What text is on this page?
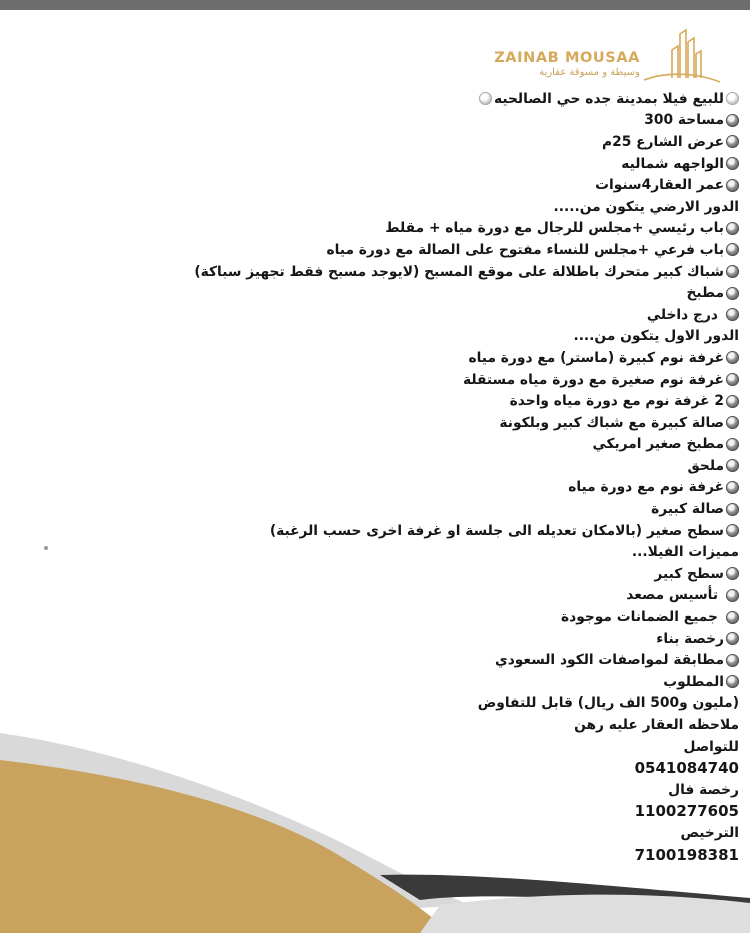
ZAINAB MOUSAA
وسيطة و مسوقة عقارية
عقار
Aqar.fm
للبيع فيلا بمدينة جده حي الصالحيه
مساحة 300
عرض الشارع 25م
الواجهه شماليه
عمر العقار4سنوات
الدور الارضي يتكون من.....
باب رئيسي +مجلس للرجال مع دورة مياه + مقلط
باب فرعي +مجلس للنساء مفتوح على الصالة مع دورة مياه
شباك كبير متحرك باطلالة على موقع المسبح (لايوجد مسبح فقط تجهيز سباكة)
مطبخ
درج داخلي
الدور الاول يتكون من....
غرفة نوم كبيرة (ماستر) مع دورة مياه
غرفة نوم صغيرة مع دورة مياه مستقلة
2 غرفة نوم مع دورة مياه واحدة
صالة كبيرة مع شباك كبير وبلكونة
مطبخ صغير امريكي
ملحق
غرفة نوم مع دورة مياه
صالة كبيرة
سطح صغير (بالامكان تعديله الى جلسة او غرفة اخرى حسب الرغبة)
مميزات الفيلا...
سطح كبير
تأسيس مصعد
جميع الضمانات موجودة
رخصة بناء
مطابقة لمواصفات الكود السعودي
المطلوب
(مليون و500 الف ريال) قابل للتفاوض
ملاحظه العقار عليه رهن
للتواصل
0541084740
رخصة فال
1100277605
الترخيص
7100198381
